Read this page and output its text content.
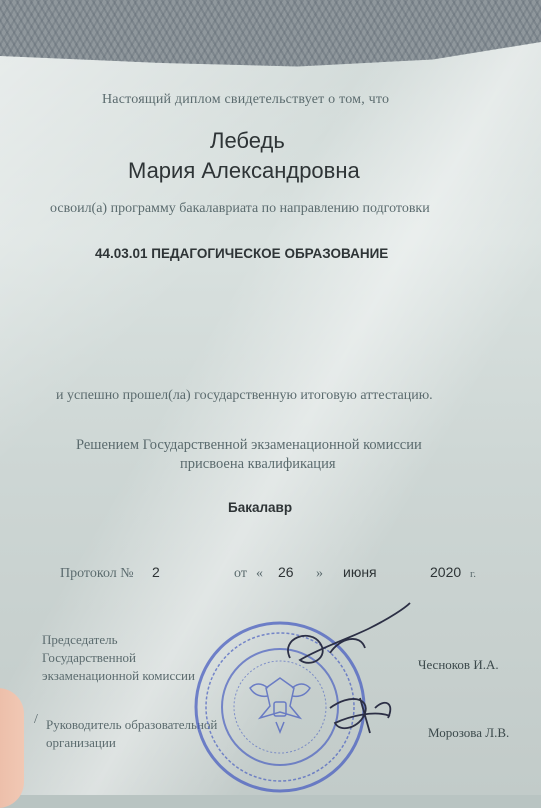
Настоящий диплом свидетельствует о том, что
Лебедь
Мария Александровна
освоил(а) программу бакалавриата по направлению подготовки
44.03.01 ПЕДАГОГИЧЕСКОЕ ОБРАЗОВАНИЕ
и успешно прошел(ла) государственную итоговую аттестацию.
Решением Государственной экзаменационной комиссии
присвоена квалификация
Бакалавр
Протокол № 2	от « 26 » июня	2020 г.
Председатель
Государственной
экзаменационной комиссии
Чесноков И.А.
/ Руководитель образовательной
организации
Морозова Л.В.
